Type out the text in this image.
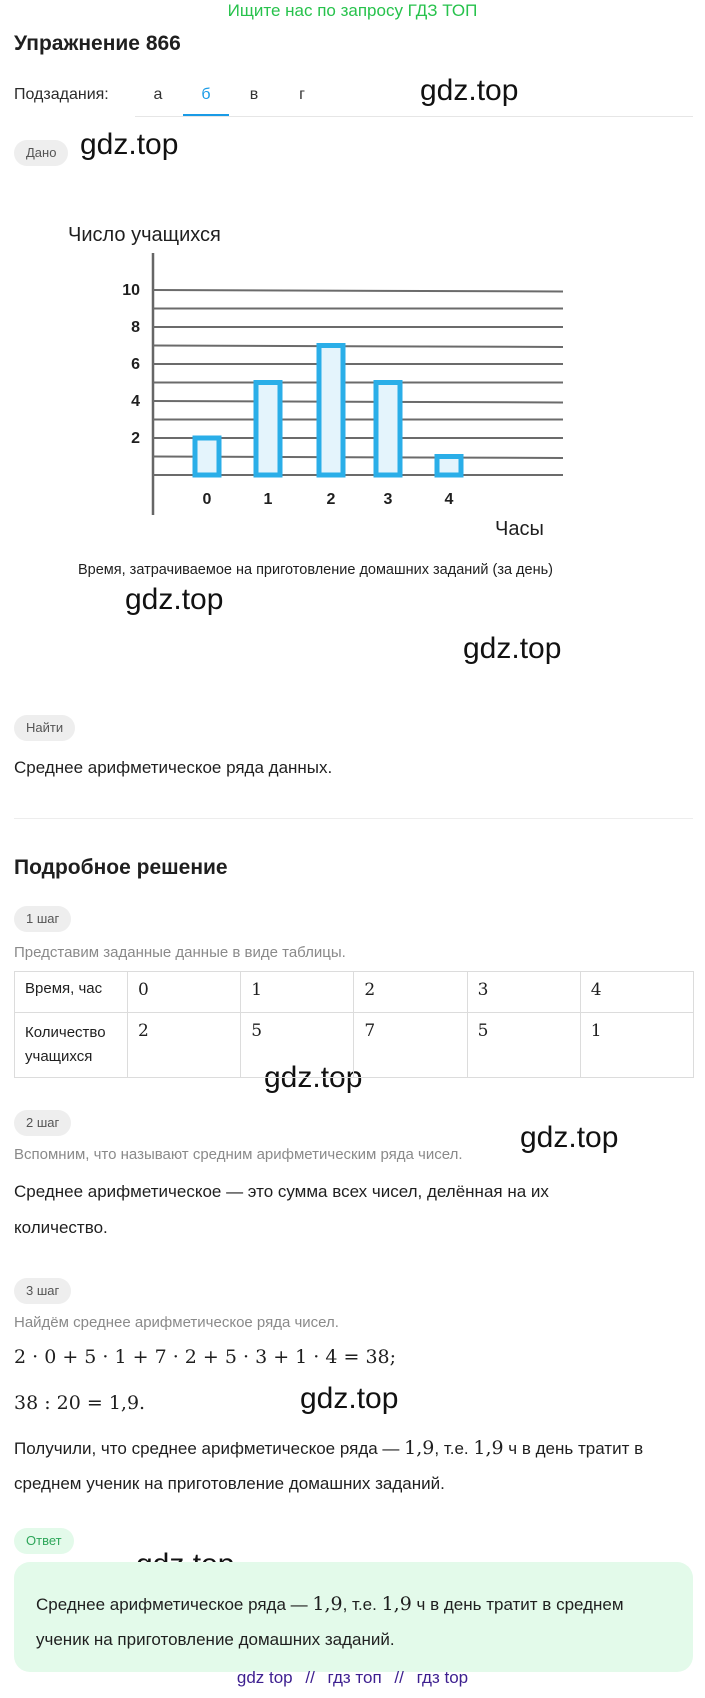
Ищите нас по запросу ГДЗ ТОП
Упражнение 866
Подзадания:	а	б	в	г	gdz.top
gdz.top
gdz.top
gdz.top
gdz.top
gdz.top
gdz.top
Дано
Число учащихся
2
4
6
8
10
0	1	2	3	4
Часы
Время, затрачиваемое на приготовление домашних заданий (за день)
Найти
Среднее арифметическое ряда данных.
Подробное решение
1 шаг
Представим заданные данные в виде таблицы.
Время, час	0	1	2	3	4

Количество
учащихся	2	5	7	5	1
2 шаг
Вспомним, что называют средним арифметическим ряда чисел.
Среднее арифметическое — это сумма всех чисел, делённая на их
количество.
3 шаг
Найдём среднее арифметическое ряда чисел.
2 · 0 + 5 · 1 + 7 · 2 + 5 · 3 + 1 · 4 = 38;
38 : 20 = 1,9.
Получили, что среднее арифметическое ряда — 1,9, т.е. 1,9 ч в день тратит в
среднем ученик на приготовление домашних заданий.
Ответ
Среднее арифметическое ряда — 1,9, т.е. 1,9 ч в день тратит в среднем
ученик на приготовление домашних заданий.
gdz top // гдз топ // гдз top
